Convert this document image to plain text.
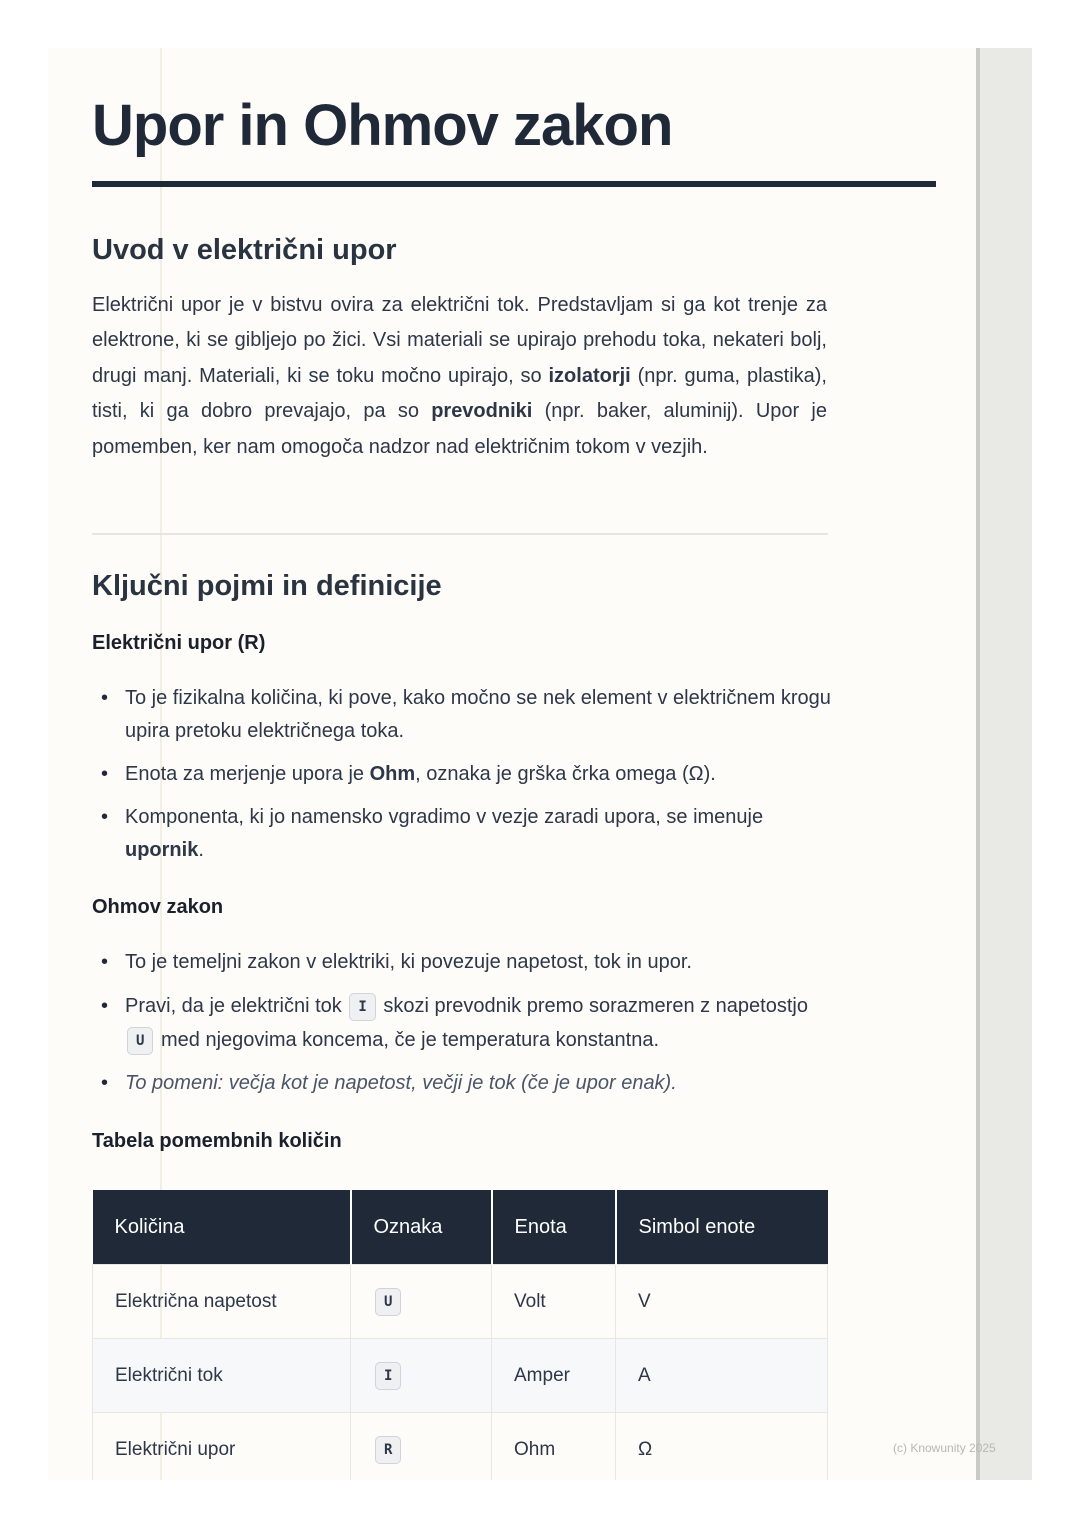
Upor in Ohmov zakon
Uvod v električni upor

Električni upor je v bistvu ovira za električni tok. Predstavljam si ga kot trenje za elektrone, ki se gibljejo po žici. Vsi materiali se upirajo prehodu toka, nekateri bolj, drugi manj. Materiali, ki se toku močno upirajo, so izolatorji (npr. guma, plastika), tisti, ki ga dobro prevajajo, pa so prevodniki (npr. baker, aluminij). Upor je pomemben, ker nam omogoča nadzor nad električnim tokom v vezjih.

Ključni pojmi in definicije
Električni upor (R)
• To je fizikalna količina, ki pove, kako močno se nek element v električnem krogu upira pretoku električnega toka.
• Enota za merjenje upora je Ohm, oznaka je grška črka omega (Ω).
• Komponenta, ki jo namensko vgradimo v vezje zaradi upora, se imenuje upornik.
Ohmov zakon
• To je temeljni zakon v elektriki, ki povezuje napetost, tok in upor.
• Pravi, da je električni tok I skozi prevodnik premo sorazmeren z napetostjo U med njegovima koncema, če je temperatura konstantna.
• To pomeni: večja kot je napetost, večji je tok (če je upor enak).
Tabela pomembnih količin
Količina	Oznaka	Enota	Simbol enote
Električna napetost	U	Volt	V
Električni tok	I	Amper	A
Električni upor	R	Ohm	Ω	(c) Knowunity 2025
